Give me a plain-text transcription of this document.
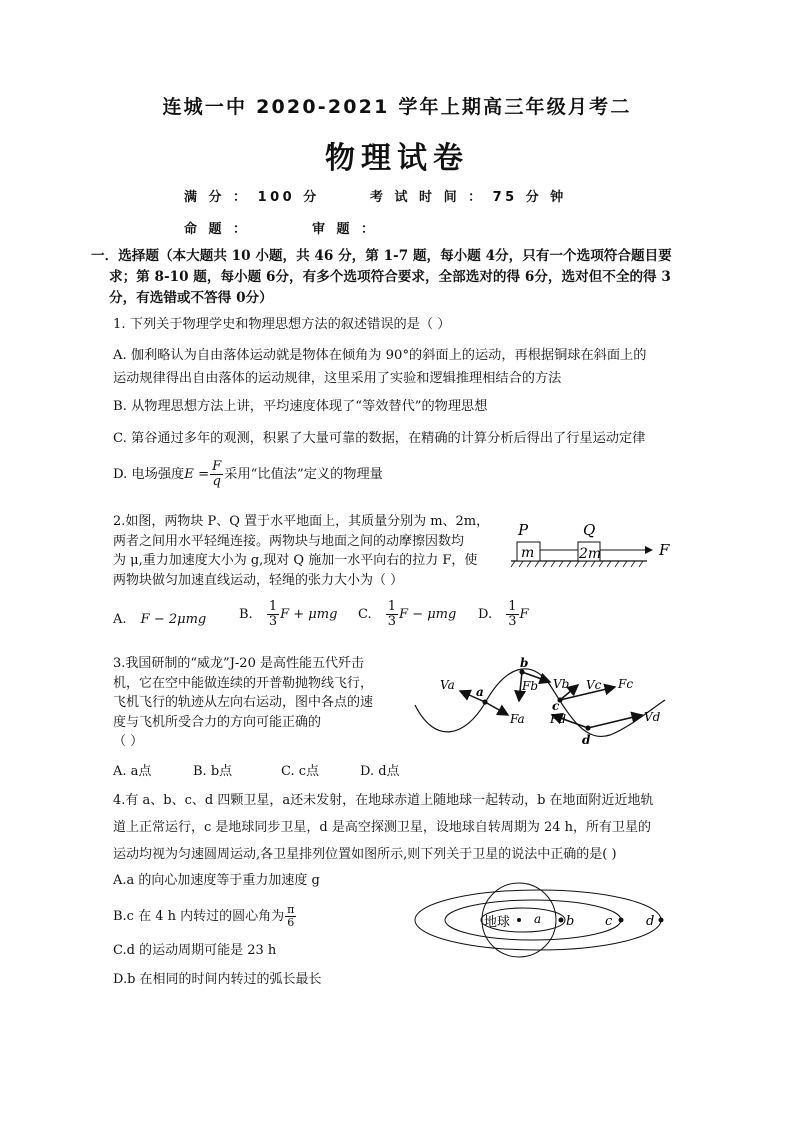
连城一中 2020-2021 学年上期高三年级月考二
物理试卷
满 分 ： 100 分	考 试 时 间 ： 75 分 钟
命 题 ：	审 题 ：
一．选择题（本大题共 10 小题，共 46 分，第 1-7 题，每小题 4分，只有一个选项符合题目要
求；第 8-10 题，每小题 6分，有多个选项符合要求，全部选对的得 6分，选对但不全的得 3
分，有选错或不答得 0分）
1. 下列关于物理学史和物理思想方法的叙述错误的是（ ）
A. 伽利略认为自由落体运动就是物体在倾角为 90°的斜面上的运动，再根据铜球在斜面上的
运动规律得出自由落体的运动规律，这里采用了实验和逻辑推理相结合的方法
B. 从物理思想方法上讲，平均速度体现了“等效替代”的物理思想
C. 第谷通过多年的观测，积累了大量可靠的数据，在精确的计算分析后得出了行星运动定律
D. 电场强度$E = \frac{F}{q}$ 采用“比值法”定义的物理量
2.如图，两物块 P、Q 置于水平地面上，其质量分别为 m、2m，
两者之间用水平轻绳连接。两物块与地面之间的动摩擦因数均
为 μ,重力加速度大小为 g,现对 Q 施加一水平向右的拉力 F，使
两物块做匀加速直线运动，轻绳的张力大小为（ ）
P	Q
m	2m	F
A. F − 2μmg	B. $\frac{1}{3}$ F + μmg C. $\frac{1}{3}$ F − μmg D. $\frac{1}{3}$ F
3.我国研制的“威龙”J-20 是高性能五代歼击
机，它在空中能做连续的开普勒抛物线飞行，
飞机飞行的轨迹从左向右运动，图中各点的速
度与飞机所受合力的方向可能正确的
（ ）
Va a
Fa
b
Fb Vb Vc Fc
c
Fd	Vd
d
A. a点	B. b点	C. c点	D. d点
4.有 a、b、c、d 四颗卫星，a还未发射，在地球赤道上随地球一起转动，b 在地面附近近地轨
道上正常运行，c 是地球同步卫星，d 是高空探测卫星，设地球自转周期为 24 h，所有卫星的
运动均视为匀速圆周运动,各卫星排列位置如图所示,则下列关于卫星的说法中正确的是( )
A.a 的向心加速度等于重力加速度 g
B.c 在 4 h 内转过的圆心角为 $\frac{\pi}{6}$
C.d 的运动周期可能是 23 h
D.b 在相同的时间内转过的弧长最长
地球 a b c	d
